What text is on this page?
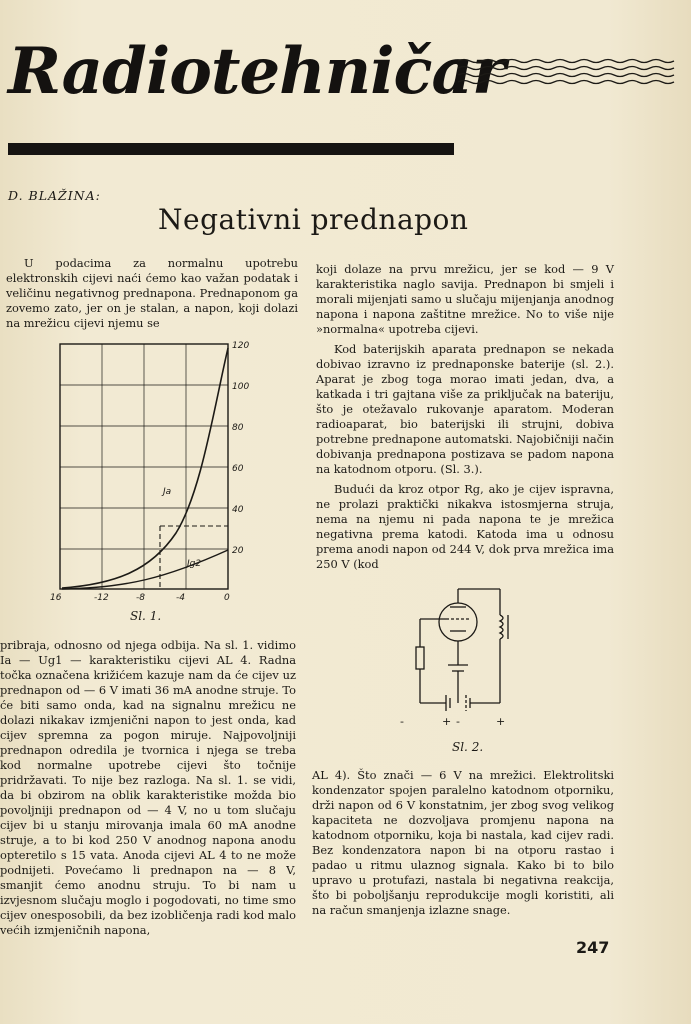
Radiotehničar
D. BLAŽINA:
Negativni prednapon

U podacima za normalnu upotrebu elektronskih cijevi naći ćemo kao važan podatak i veličinu negativnog prednapona. Prednaponom ga zovemo zato, jer on je stalan, a napon, koji dolazi na mrežicu cijevi njemu se

120
100
80
60
40
20
16	-12	-8	-4	0
Ja
Jg2
Sl. 1.

pribraja, odnosno od njega odbija. Na sl. 1. vidimo Ia — Ug1 — karakteristiku cijevi AL 4. Radna točka označena križićem kazuje nam da će cijev uz prednapon od — 6 V imati 36 mA anodne struje. To će biti samo onda, kad na signalnu mrežicu ne dolazi nikakav izmjenični napon to jest onda, kad cijev spremna za pogon miruje. Najpovoljniji prednapon odredila je tvornica i njega se treba kod normalne upotrebe cijevi što točnije pridržavati. To nije bez razloga. Na sl. 1. se vidi, da bi obzirom na oblik karakteristike možda bio povoljniji prednapon od — 4 V, no u tom slučaju cijev bi u stanju mirovanja imala 60 mA anodne struje, a to bi kod 250 V anodnog napona anodu opteretilo s 15 vata. Anoda cijevi AL 4 to ne može podnijeti. Povećamo li prednapon na — 8 V, smanjit ćemo anodnu struju. To bi nam u izvjesnom slučaju moglo i pogodovati, no time smo cijev onesposobili, da bez izobličenja radi kod malo većih izmjeničnih napona,

koji dolaze na prvu mrežicu, jer se kod — 9 V karakteristika naglo savija. Prednapon bi smjeli i morali mijenjati samo u slučaju mijenjanja anodnog napona i napona zaštitne mrežice. No to više nije »normalna« upotreba cijevi.

Kod baterijskih aparata prednapon se nekada dobivao izravno iz prednaponske baterije (sl. 2.). Aparat je zbog toga morao imati jedan, dva, a katkada i tri gajtana više za priključak na bateriju, što je otežavalo rukovanje aparatom. Moderan radioaparat, bio baterijski ili strujni, dobiva potrebne prednapone automatski. Najobičniji način dobivanja prednapona postizava se padom napona na katodnom otporu. (Sl. 3.).

Budući da kroz otpor Rg, ako je cijev ispravna, ne prolazi praktički nikakva istosmjerna struja, nema na njemu ni pada napona te je mrežica negativna prema katodi. Katoda ima u odnosu prema anodi napon od 244 V, dok prva mrežica ima 250 V (kod

-	+ -	+
Sl. 2.

AL 4). Što znači — 6 V na mrežici. Elektrolitski kondenzator spojen paralelno katodnom otporniku, drži napon od 6 V konstatnim, jer zbog svog velikog kapaciteta ne dozvoljava promjenu napona na katodnom otporniku, koja bi nastala, kad cijev radi. Bez kondenzatora napon bi na otporu rastao i padao u ritmu ulaznog signala. Kako bi to bilo upravo u protufazi, nastala bi negativna reakcija, što bi poboljšanju reprodukcije mogli koristiti, ali na račun smanjenja izlazne snage.

247
